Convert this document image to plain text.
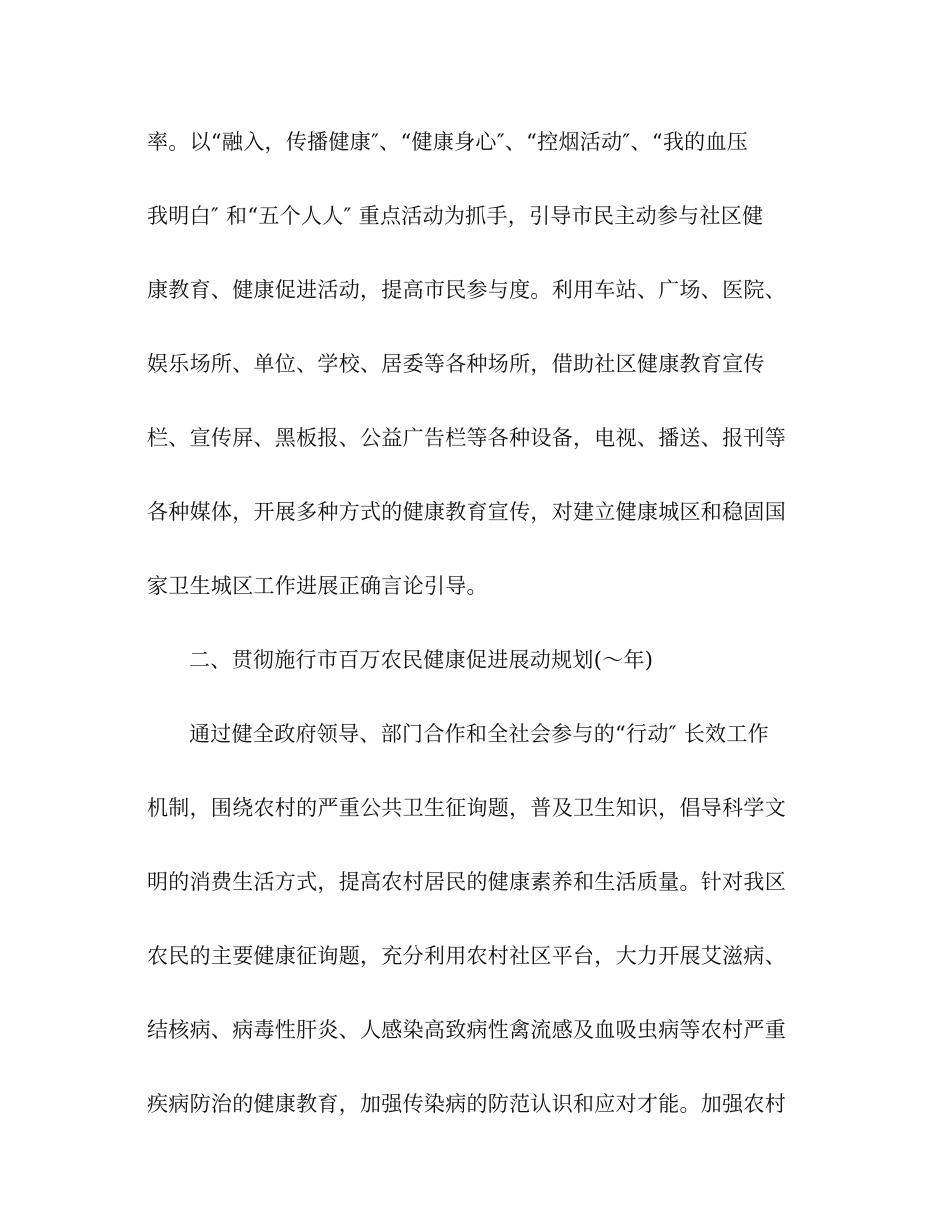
率。以“融入，传播健康″、“健康身心″、“控烟活动″、“我的血压
我明白″ 和“五个人人″ 重点活动为抓手，引导市民主动参与社区健
康教育、健康促进活动，提高市民参与度。利用车站、广场、医院、
娱乐场所、单位、学校、居委等各种场所，借助社区健康教育宣传
栏、宣传屏、黑板报、公益广告栏等各种设备，电视、播送、报刊等
各种媒体，开展多种方式的健康教育宣传，对建立健康城区和稳固国
家卫生城区工作进展正确言论引导。
二、贯彻施行市百万农民健康促进展动规划(～年)
通过健全政府领导、部门合作和全社会参与的“行动″ 长效工作
机制，围绕农村的严重公共卫生征询题，普及卫生知识，倡导科学文
明的消费生活方式，提高农村居民的健康素养和生活质量。针对我区
农民的主要健康征询题，充分利用农村社区平台，大力开展艾滋病、
结核病、病毒性肝炎、人感染高致病性禽流感及血吸虫病等农村严重
疾病防治的健康教育，加强传染病的防范认识和应对才能。加强农村
